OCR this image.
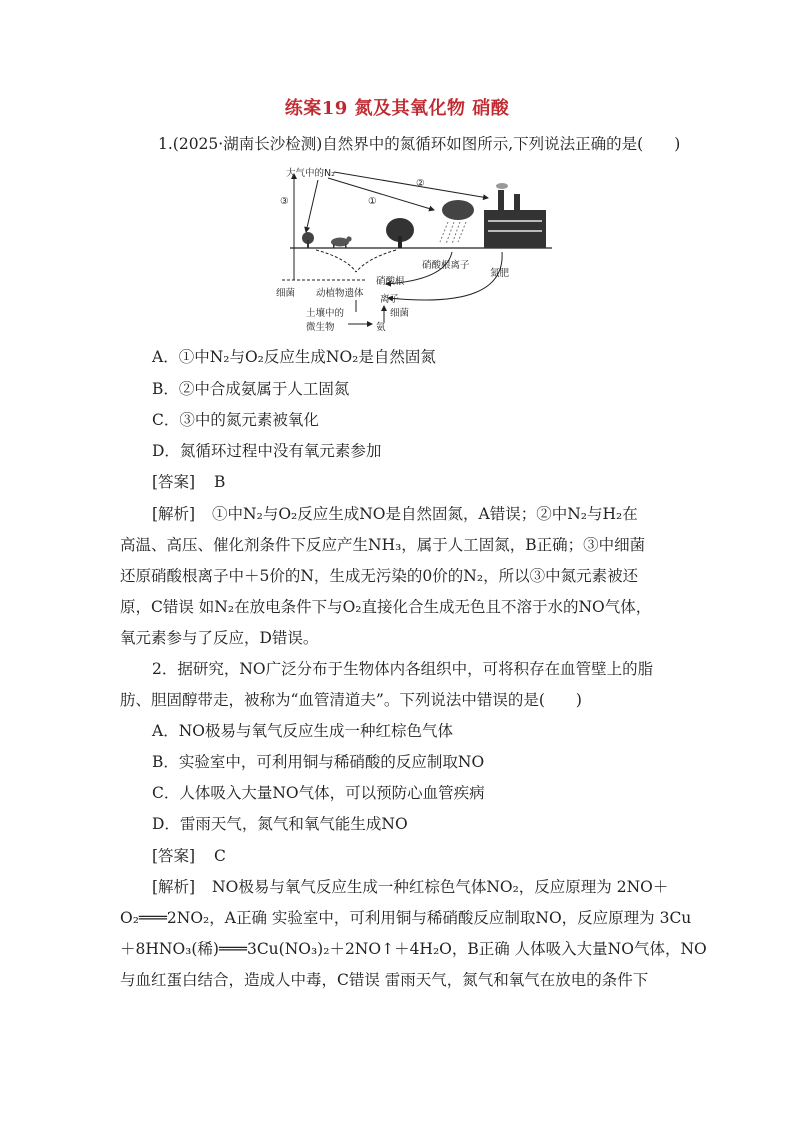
练案19 氮及其氧化物 硝酸
1.(2025·湖南长沙检测)自然界中的氮循环如图所示,下列说法正确的是(　　)
大气中的N₂
②
①
③
硝酸根离子
氮肥
细菌 动植物遗体
硝酸根
离子
细菌
土壤中的
微生物	氨
A．①中N₂与O₂反应生成NO₂是自然固氮
B．②中合成氨属于人工固氮
C．③中的氮元素被氧化
D．氮循环过程中没有氧元素参加
[答案] B
[解析] ①中N₂与O₂反应生成NO是自然固氮，A错误；②中N₂与H₂在
高温、高压、催化剂条件下反应产生NH₃，属于人工固氮，B正确；③中细菌
还原硝酸根离子中＋5价的N，生成无污染的0价的N₂，所以③中氮元素被还
原，C错误 如N₂在放电条件下与O₂直接化合生成无色且不溶于水的NO气体，
氧元素参与了反应，D错误。
2．据研究，NO广泛分布于生物体内各组织中，可将积存在血管壁上的脂
肪、胆固醇带走，被称为“血管清道夫”。下列说法中错误的是(　　)
A．NO极易与氧气反应生成一种红棕色气体
B．实验室中，可利用铜与稀硝酸的反应制取NO
C．人体吸入大量NO气体，可以预防心血管疾病
D．雷雨天气，氮气和氧气能生成NO
[答案] C
[解析] NO极易与氧气反应生成一种红棕色气体NO₂，反应原理为 2NO＋
O₂═══2NO₂，A正确 实验室中，可利用铜与稀硝酸反应制取NO，反应原理为 3Cu
＋8HNO₃(稀)═══3Cu(NO₃)₂＋2NO↑＋4H₂O，B正确 人体吸入大量NO气体，NO
与血红蛋白结合，造成人中毒，C错误 雷雨天气，氮气和氧气在放电的条件下
